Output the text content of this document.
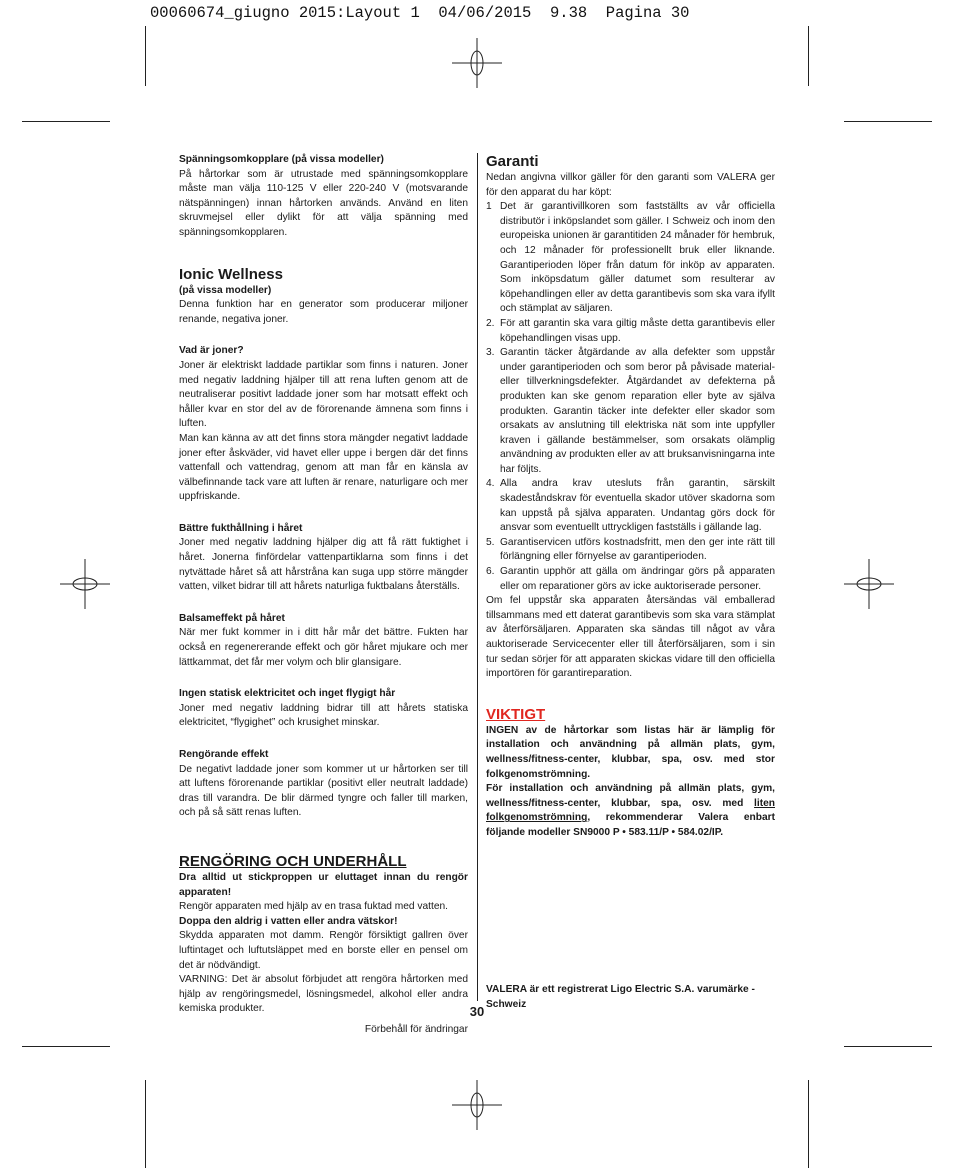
00060674_giugno 2015:Layout 1  04/06/2015  9.38  Pagina 30

Spänningsomkopplare (på vissa modeller)

På hårtorkar som är utrustade med spänningsomkopplare måste man välja 110-125 V eller 220-240 V (motsvarande nätspänningen) innan hårtorken används. Använd en liten skruvmejsel eller dylikt för att välja spänning med spänningsomkopplaren.

Ionic Wellness

(på vissa modeller)

Denna funktion har en generator som producerar miljoner renande, negativa joner.

Vad är joner?

Joner är elektriskt laddade partiklar som finns i naturen. Joner med negativ laddning hjälper till att rena luften genom att de neutraliserar positivt laddade joner som har motsatt effekt och håller kvar en stor del av de förorenande ämnena som finns i luften.

Man kan känna av att det finns stora mängder negativt laddade joner efter åskväder, vid havet eller uppe i bergen där det finns vattenfall och vattendrag, genom att man får en känsla av välbefinnande tack vare att luften är renare, naturligare och mer uppfriskande.

Bättre fukthållning i håret

Joner med negativ laddning hjälper dig att få rätt fuktighet i håret. Jonerna finfördelar vattenpartiklarna som finns i det nytvättade håret så att hårstråna kan suga upp större mängder vatten, vilket bidrar till att hårets naturliga fuktbalans återställs.

Balsameffekt på håret

När mer fukt kommer in i ditt hår mår det bättre. Fukten har också en regenererande effekt och gör håret mjukare och mer lättkammat, det får mer volym och blir glansigare.

Ingen statisk elektricitet och inget flygigt hår

Joner med negativ laddning bidrar till att hårets statiska elektricitet, “flygighet” och krusighet minskar.

Rengörande effekt

De negativt laddade joner som kommer ut ur hårtorken ser till att luftens förorenande partiklar (positivt eller neutralt laddade) dras till varandra. De blir därmed tyngre och faller till marken, och på så sätt renas luften.

RENGÖRING OCH UNDERHÅLL

Dra alltid ut stickproppen ur eluttaget innan du rengör apparaten!

Rengör apparaten med hjälp av en trasa fuktad med vatten.

Doppa den aldrig i vatten eller andra vätskor!

Skydda apparaten mot damm. Rengör försiktigt gallren över luftintaget och luftutsläppet med en borste eller en pensel om det är nödvändigt.

VARNING: Det är absolut förbjudet att rengöra hårtorken med hjälp av rengöringsmedel, lösningsmedel, alkohol eller andra kemiska produkter.

Förbehåll för ändringar

Garanti

Nedan angivna villkor gäller för den garanti som VALERA ger för den apparat du har köpt:

1 Det är garantivillkoren som fastställts av vår officiella distributör i inköpslandet som gäller. I Schweiz och inom den europeiska unionen är garantitiden 24 månader för hembruk, och 12 månader för professionellt bruk eller liknande. Garantiperioden löper från datum för inköp av apparaten. Som inköpsdatum gäller datumet som resulterar av köpehandlingen eller av detta garantibevis som ska vara ifyllt och stämplat av säljaren.
2. För att garantin ska vara giltig måste detta garantibevis eller köpehandlingen visas upp.
3. Garantin täcker åtgärdande av alla defekter som uppstår under garantiperioden och som beror på påvisade material- eller tillverkningsdefekter. Åtgärdandet av defekterna på produkten kan ske genom reparation eller byte av själva produkten. Garantin täcker inte defekter eller skador som orsakats av anslutning till elektriska nät som inte uppfyller kraven i gällande bestämmelser, som orsakats olämplig användning av produkten eller av att bruksanvisningarna inte har följts.
4. Alla andra krav utesluts från garantin, särskilt skadeståndskrav för eventuella skador utöver skadorna som kan uppstå på själva apparaten. Undantag görs dock för ansvar som eventuellt uttryckligen fastställs i gällande lag.
5. Garantiservicen utförs kostnadsfritt, men den ger inte rätt till förlängning eller förnyelse av garantiperioden.
6. Garantin upphör att gälla om ändringar görs på apparaten eller om reparationer görs av icke auktoriserade personer.

Om fel uppstår ska apparaten återsändas väl emballerad tillsammans med ett daterat garantibevis som ska vara stämplat av återförsäljaren. Apparaten ska sändas till något av våra auktoriserade Servicecenter eller till återförsäljaren, som i sin tur sedan sörjer för att apparaten skickas vidare till den officiella importören för garantireparation.

VIKTIGT

INGEN av de hårtorkar som listas här är lämplig för installation och användning på allmän plats, gym, wellness/fitness-center, klubbar, spa, osv. med stor folkgenomströmning.

För installation och användning på allmän plats, gym, wellness/fitness-center, klubbar, spa, osv. med liten folkgenomströmning, rekommenderar Valera enbart följande modeller SN9000 P • 583.11/P • 584.02/IP.

VALERA är ett registrerat Ligo Electric S.A. varumärke - Schweiz

30
